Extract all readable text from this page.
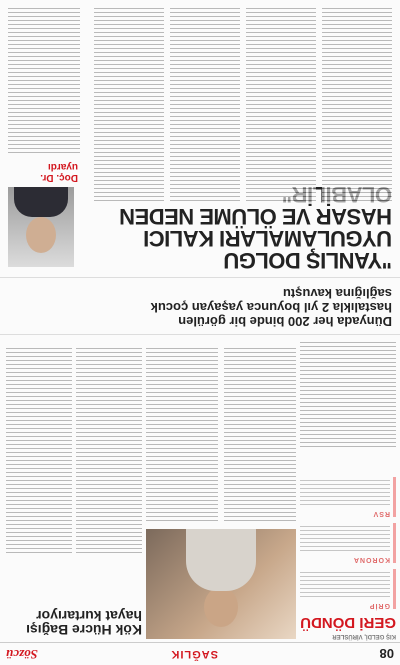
08
SAĞLIK
Sözcü
KIŞ GELDİ, VİRÜSLER
GERİ DÖNDÜ
GRİP
KORONA
RSV
Kök Hücre Bağışı hayat kurtarıyor
Dünyada her 200 binde bir görülen hastalıkla 2 yıl boyunca yaşayan çocuk sağlığına kavuştu
"YANLIŞ DOLGU UYGULAMALARI KALICI HASAR VE ÖLÜME NEDEN
Doç. Dr. uyardı
